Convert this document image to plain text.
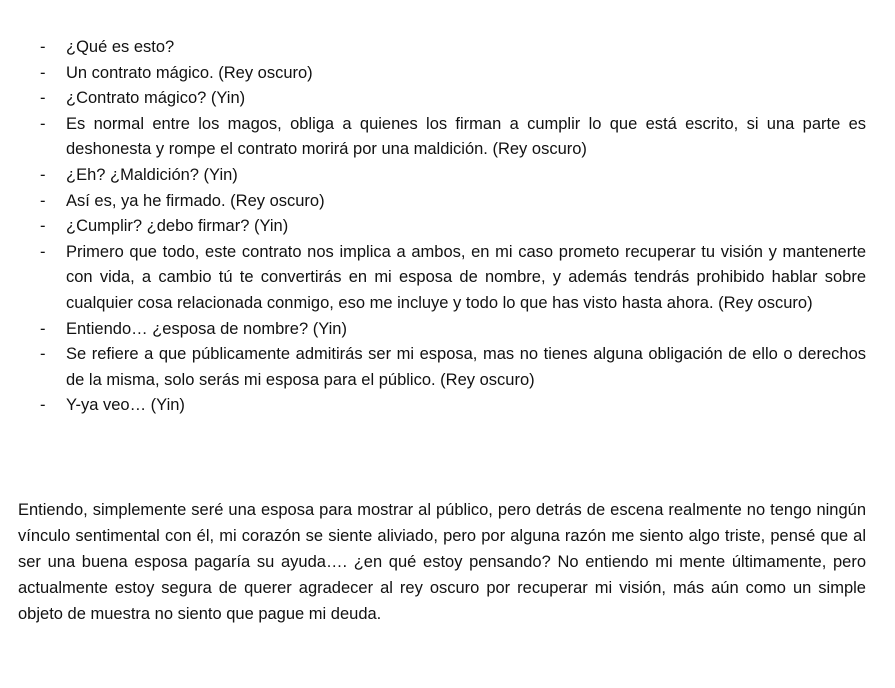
- ¿Qué es esto?
- Un contrato mágico. (Rey oscuro)
- ¿Contrato mágico? (Yin)
- Es normal entre los magos, obliga a quienes los firman a cumplir lo que está escrito, si una parte es deshonesta y rompe el contrato morirá por una maldición. (Rey oscuro)
- ¿Eh? ¿Maldición? (Yin)
- Así es, ya he firmado. (Rey oscuro)
- ¿Cumplir? ¿debo firmar? (Yin)
- Primero que todo, este contrato nos implica a ambos, en mi caso prometo recuperar tu visión y mantenerte con vida, a cambio tú te convertirás en mi esposa de nombre, y además tendrás prohibido hablar sobre cualquier cosa relacionada conmigo, eso me incluye y todo lo que has visto hasta ahora. (Rey oscuro)
- Entiendo… ¿esposa de nombre? (Yin)
- Se refiere a que públicamente admitirás ser mi esposa, mas no tienes alguna obligación de ello o derechos de la misma, solo serás mi esposa para el público. (Rey oscuro)
- Y-ya veo… (Yin)

Entiendo, simplemente seré una esposa para mostrar al público, pero detrás de escena realmente no tengo ningún vínculo sentimental con él, mi corazón se siente aliviado, pero por alguna razón me siento algo triste, pensé que al ser una buena esposa pagaría su ayuda…. ¿en qué estoy pensando? No entiendo mi mente últimamente, pero actualmente estoy segura de querer agradecer al rey oscuro por recuperar mi visión, más aún como un simple objeto de muestra no siento que pague mi deuda.
